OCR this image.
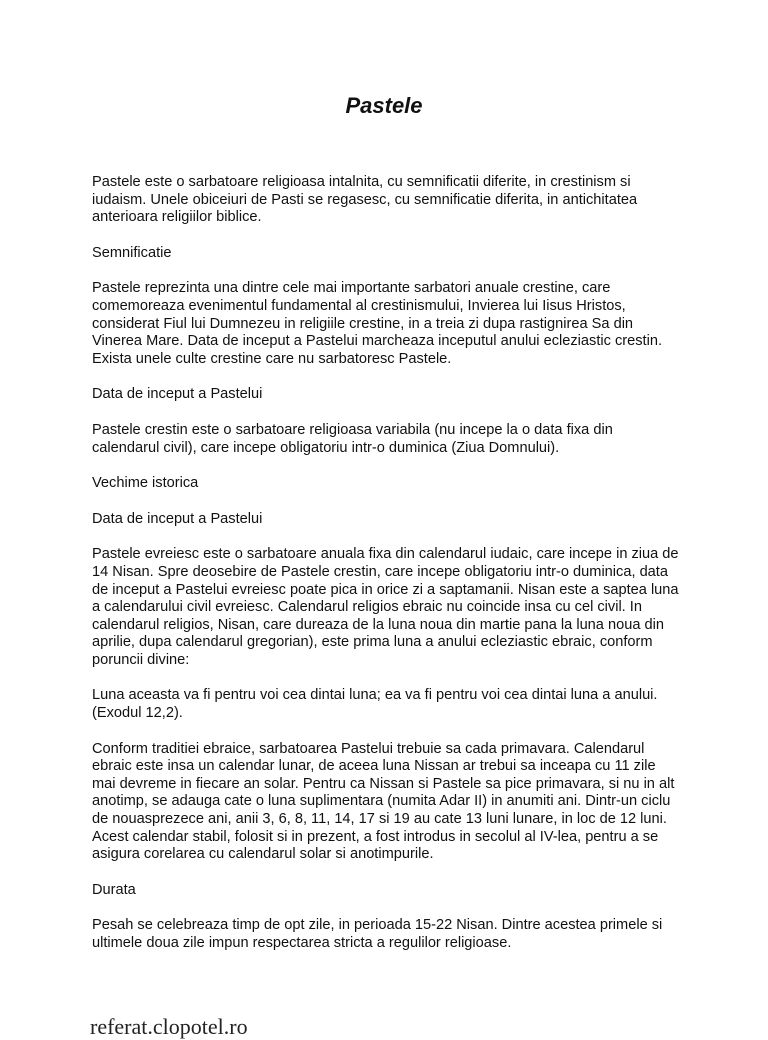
Pastele

Pastele este o sarbatoare religioasa intalnita, cu semnificatii diferite, in crestinism si iudaism. Unele obiceiuri de Pasti se regasesc, cu semnificatie diferita, in antichitatea anterioara religiilor biblice.

Semnificatie

Pastele reprezinta una dintre cele mai importante sarbatori anuale crestine, care comemoreaza evenimentul fundamental al crestinismului, Invierea lui Iisus Hristos, considerat Fiul lui Dumnezeu in religiile crestine, in a treia zi dupa rastignirea Sa din Vinerea Mare. Data de inceput a Pastelui marcheaza inceputul anului ecleziastic crestin. Exista unele culte crestine care nu sarbatoresc Pastele.

Data de inceput a Pastelui

Pastele crestin este o sarbatoare religioasa variabila (nu incepe la o data fixa din calendarul civil), care incepe obligatoriu intr-o duminica (Ziua Domnului).

Vechime istorica

Data de inceput a Pastelui

Pastele evreiesc este o sarbatoare anuala fixa din calendarul iudaic, care incepe in ziua de 14 Nisan. Spre deosebire de Pastele crestin, care incepe obligatoriu intr-o duminica, data de inceput a Pastelui evreiesc poate pica in orice zi a saptamanii. Nisan este a saptea luna a calendarului civil evreiesc. Calendarul religios ebraic nu coincide insa cu cel civil. In calendarul religios, Nisan, care dureaza de la luna noua din martie pana la luna noua din aprilie, dupa calendarul gregorian), este prima luna a anului ecleziastic ebraic, conform poruncii divine:

Luna aceasta va fi pentru voi cea dintai luna; ea va fi pentru voi cea dintai luna a anului. (Exodul 12,2).

Conform traditiei ebraice, sarbatoarea Pastelui trebuie sa cada primavara. Calendarul ebraic este insa un calendar lunar, de aceea luna Nissan ar trebui sa inceapa cu 11 zile mai devreme in fiecare an solar. Pentru ca Nissan si Pastele sa pice primavara, si nu in alt anotimp, se adauga cate o luna suplimentara (numita Adar II) in anumiti ani. Dintr-un ciclu de nouasprezece ani, anii 3, 6, 8, 11, 14, 17 si 19 au cate 13 luni lunare, in loc de 12 luni. Acest calendar stabil, folosit si in prezent, a fost introdus in secolul al IV-lea, pentru a se asigura corelarea cu calendarul solar si anotimpurile.

Durata

Pesah se celebreaza timp de opt zile, in perioada 15-22 Nisan. Dintre acestea primele si ultimele doua zile impun respectarea stricta a regulilor religioase.

referat.clopotel.ro
